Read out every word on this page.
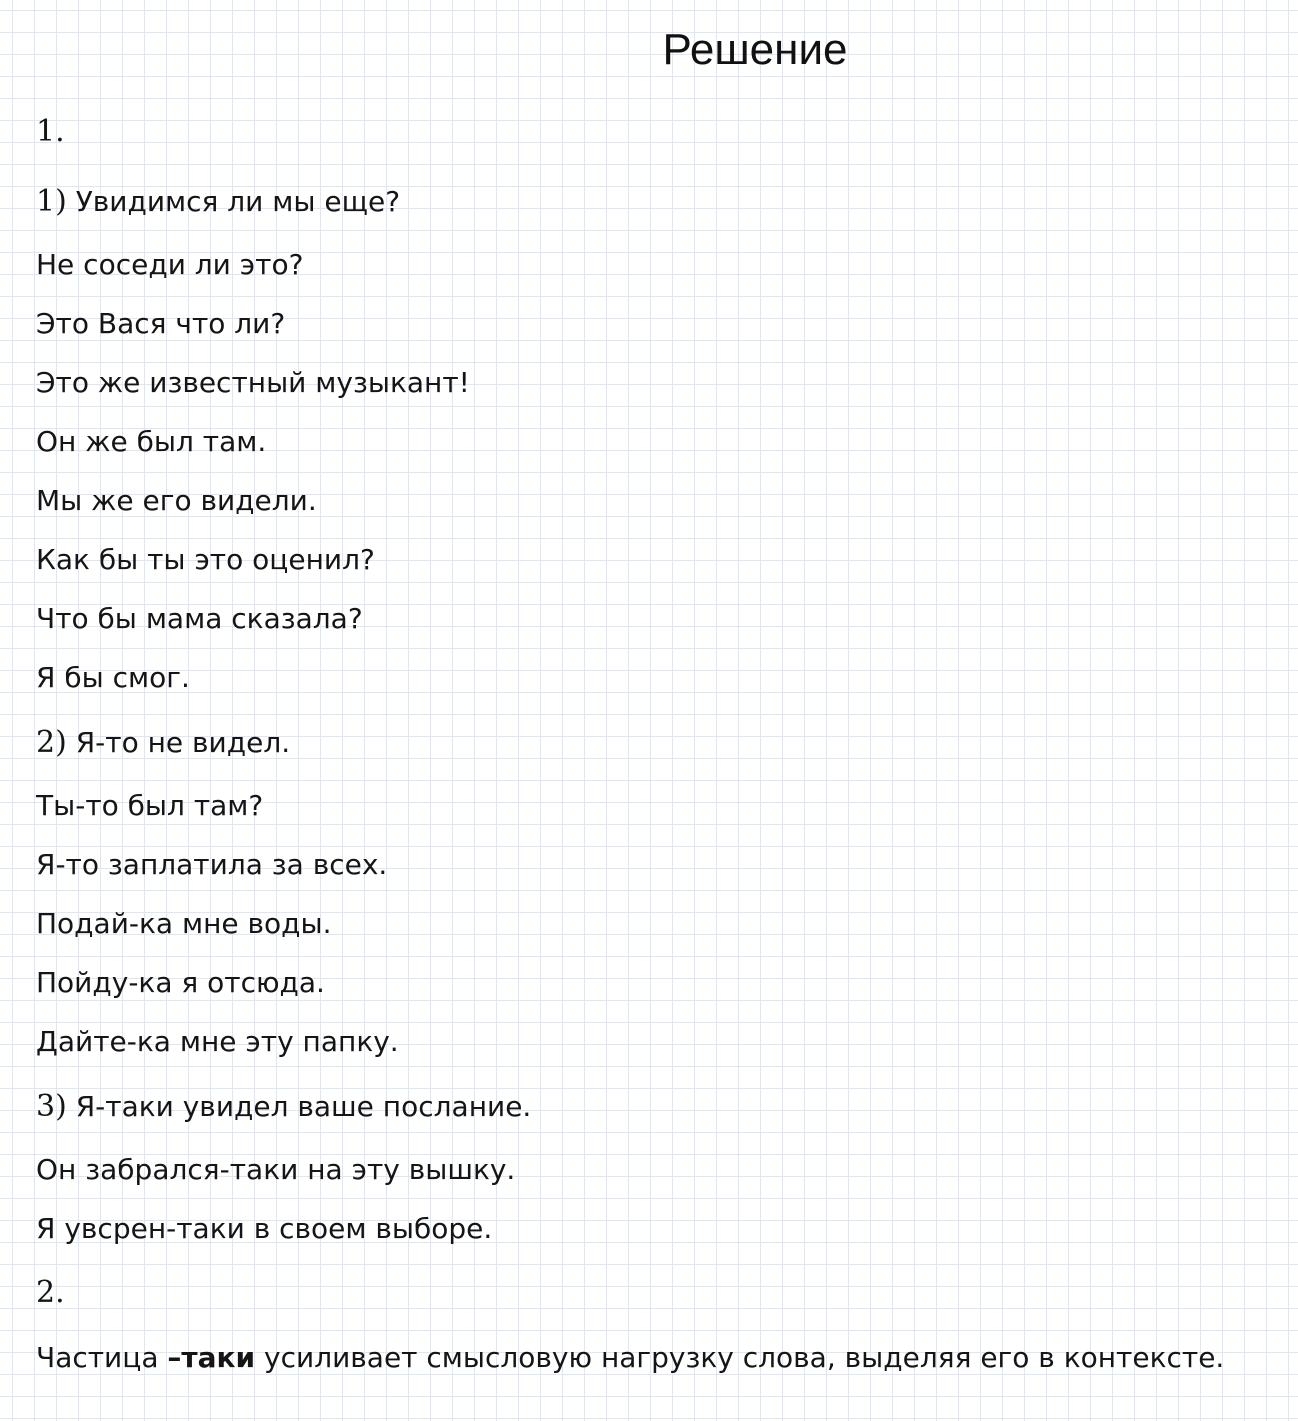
Решение

1.

1) Увидимся ли мы еще?

Не соседи ли это?

Это Вася что ли?

Это же известный музыкант!

Он же был там.

Мы же его видели.

Как бы ты это оценил?

Что бы мама сказала?

Я бы смог.

2) Я-то не видел.

Ты-то был там?

Я-то заплатила за всех.

Подай-ка мне воды.

Пойду-ка я отсюда.

Дайте-ка мне эту папку.

3) Я-таки увидел ваше послание.

Он забрался-таки на эту вышку.

Я увсрен-таки в своем выборе.

2.

Частица –таки усиливает смысловую нагрузку слова, выделяя его в контексте.
